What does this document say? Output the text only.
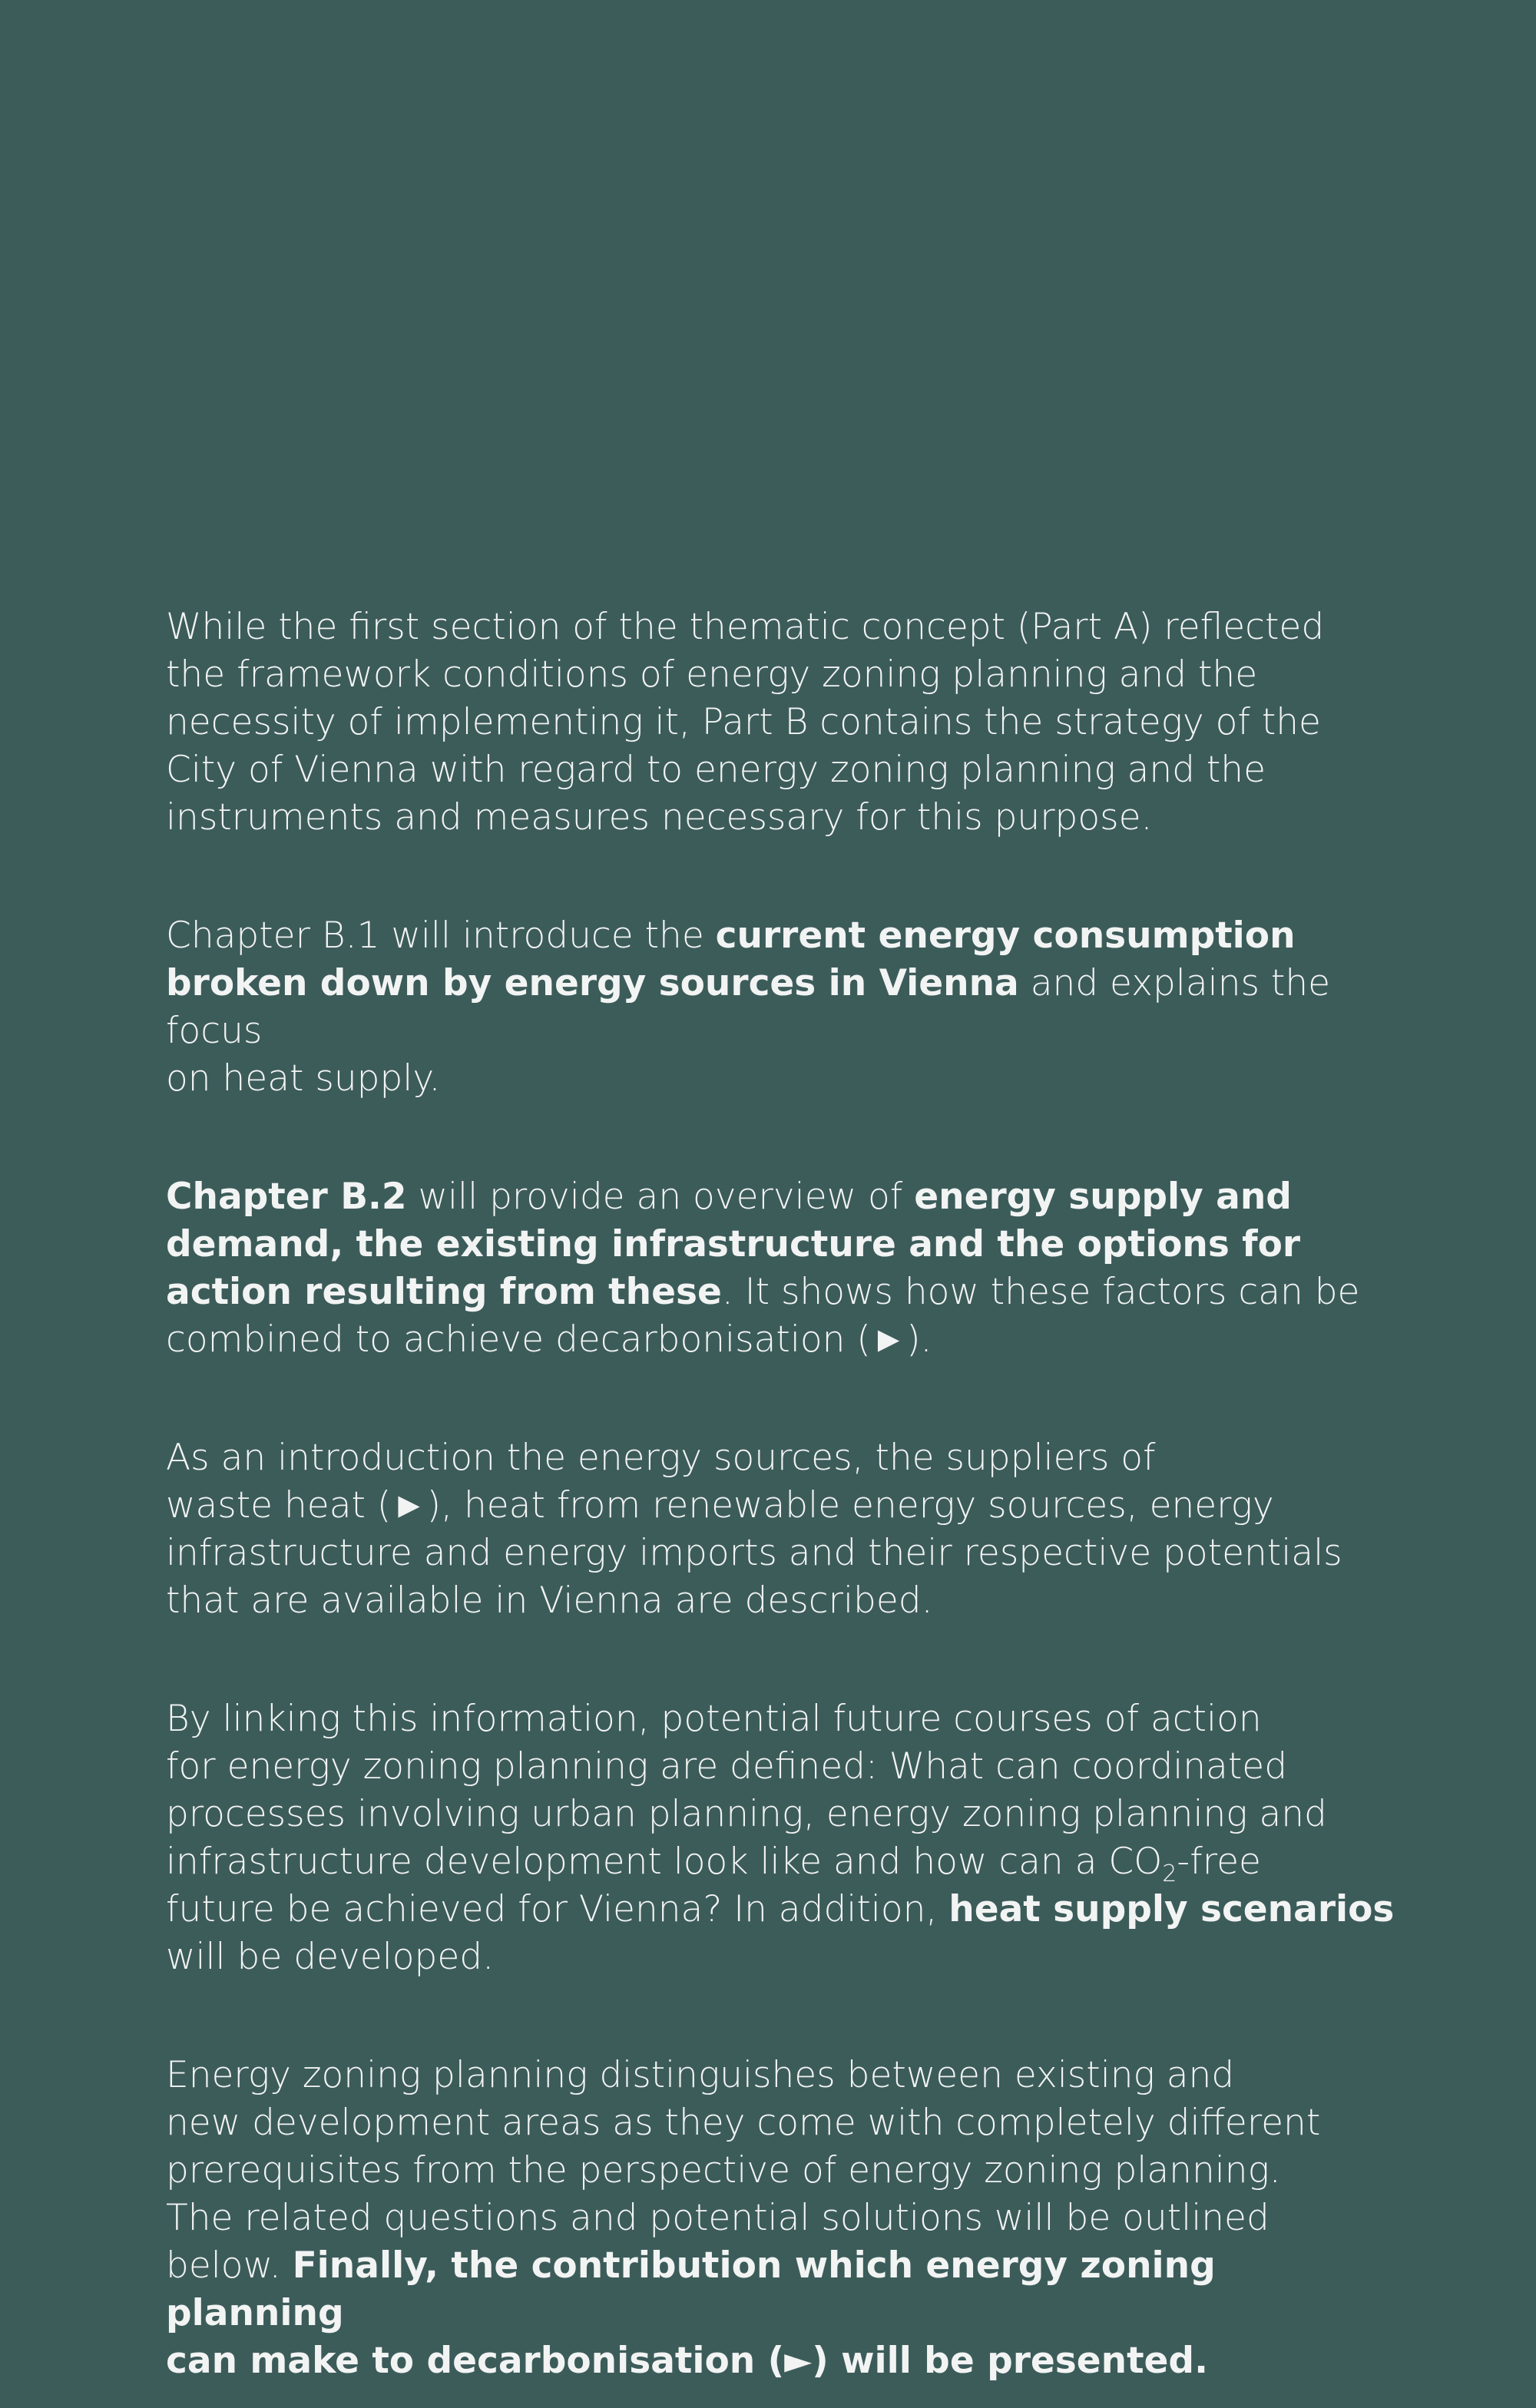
While the first section of the thematic concept (Part A) reflected
the framework conditions of energy zoning planning and the
necessity of implementing it, Part B contains the strategy of the
City of Vienna with regard to energy zoning planning and the
instruments and measures necessary for this purpose.

Chapter B.1 will introduce the current energy consumption
broken down by energy sources in Vienna and explains the focus
on heat supply.

Chapter B.2 will provide an overview of energy supply and
demand, the existing infrastructure and the options for
action resulting from these. It shows how these factors can be
combined to achieve decarbonisation (►).

As an introduction the energy sources, the suppliers of
waste heat (►), heat from renewable energy sources, energy
infrastructure and energy imports and their respective potentials
that are available in Vienna are described.

By linking this information, potential future courses of action
for energy zoning planning are defined: What can coordinated
processes involving urban planning, energy zoning planning and
infrastructure development look like and how can a $CO_2$-free
future be achieved for Vienna? In addition, heat supply scenarios
will be developed.

Energy zoning planning distinguishes between existing and
new development areas as they come with completely different
prerequisites from the perspective of energy zoning planning.
The related questions and potential solutions will be outlined
below. Finally, the contribution which energy zoning planning
can make to decarbonisation (►) will be presented.
